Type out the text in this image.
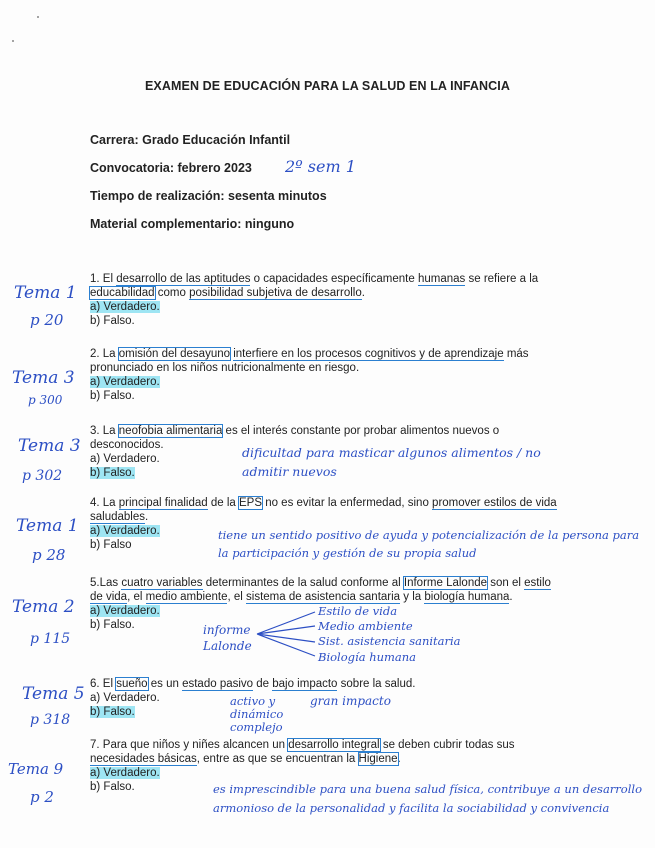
EXAMEN DE EDUCACIÓN PARA LA SALUD EN LA INFANCIA
Carrera: Grado Educación Infantil
Convocatoria: febrero 2023 2º sem 1
Tiempo de realización: sesenta minutos
Material complementario: ninguno
Tema 1
p 20

1. El desarrollo de las aptitudes o capacidades específicamente humanas se refiere a la educabilidad como posibilidad subjetiva de desarrollo.

a) Verdadero.

b) Falso.

Tema 3
p 300

2. La omisión del desayuno interfiere en los procesos cognitivos y de aprendizaje más pronunciado en los niños nutricionalmente en riesgo.

a) Verdadero.

b) Falso.

Tema 3
p 302

3. La neofobia alimentaria es el interés constante por probar alimentos nuevos o desconocidos.

a) Verdadero.

b) Falso.

dificultad para masticar algunos alimentos / no admitir nuevos
Tema 1
p 28

4. La principal finalidad de la EPS no es evitar la enfermedad, sino promover estilos de vida saludables.

a) Verdadero.

b) Falso

tiene un sentido positivo de ayuda y potencialización de la persona para la participación y gestión de su propia salud
Tema 2
p 115

5.Las cuatro variables determinantes de la salud conforme al Informe Lalonde son el estilo de vida, el medio ambiente, el sistema de asistencia santaria y la biología humana.

a) Verdadero.

b) Falso.	informe Lalonde
Estilo de vida
Medio ambiente
Sist. asistencia sanitaria
Biología humana
Tema 5
p 318

6. El sueño es un estado pasivo de bajo impacto sobre la salud.

a) Verdadero.

b) Falso.

activo y dinámico complejo
gran impacto
Tema 9
p 2

7. Para que niños y niñes alcancen un desarrollo integral se deben cubrir todas sus necesidades básicas, entre as que se encuentran la Higiene.

a) Verdadero.

b) Falso.	es imprescindible para una buena salud física, contribuye a un desarrollo armonioso de la personalidad y facilita la sociabilidad y convivencia
